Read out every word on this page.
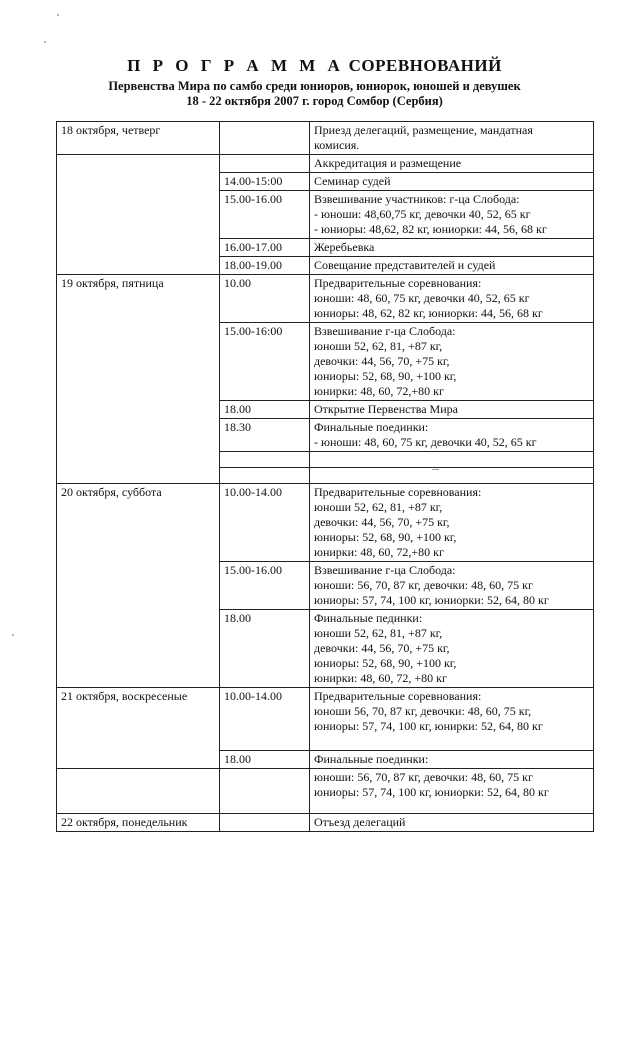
П Р О Г Р А М М А СОРЕВНОВАНИЙ
Первенства Мира по самбо среди юниоров, юниорок, юношей и девушек
18 - 22 октября 2007 г. город Сомбор (Сербия)
18 октября, четверг		Приезд делегаций, размещение, мандатная
комисия.

		Аккредитация и размещение

	14.00-15:00	Семинар судей

	15.00-16.00	Взвешивание участников: г-ца Слобода:
- юноши: 48,60,75 кг, девочки 40, 52, 65 кг
- юниоры: 48,62, 82 кг, юниорки: 44, 56, 68 кг

	16.00-17.00	Жеребьевка

	18.00-19.00	Совещание представителей и судей

19 октября, пятница	10.00	Предварительные соревнования:
юноши: 48, 60, 75 кг, девочки 40, 52, 65 кг
юниоры: 48, 62, 82 кг, юниорки: 44, 56, 68 кг

	15.00-16:00	Взвешивание г-ца Слобода:
юноши 52, 62, 81, +87 кг,
девочки: 44, 56, 70, +75 кг,
юниоры: 52, 68, 90, +100 кг,
юнирки: 48, 60, 72,+80 кг

	18.00	Открытие Первенства Мира

	18.30	Финальные поединки:
- юноши: 48, 60, 75 кг, девочки 40, 52, 65 кг

20 октября, суббота	10.00-14.00	Предварительные соревнования:
юноши 52, 62, 81, +87 кг,
девочки: 44, 56, 70, +75 кг,
юниоры: 52, 68, 90, +100 кг,
юнирки: 48, 60, 72,+80 кг

	15.00-16.00	Взвешивание г-ца Слобода:
юноши: 56, 70, 87 кг, девочки: 48, 60, 75 кг
юниоры: 57, 74, 100 кг, юниорки: 52, 64, 80 кг

	18.00	Финальные пединки:
юноши 52, 62, 81, +87 кг,
девочки: 44, 56, 70, +75 кг,
юниоры: 52, 68, 90, +100 кг,
юнирки: 48, 60, 72, +80 кг

21 октября, воскресеные	10.00-14.00	Предварительные соревнования:
юноши 56, 70, 87 кг, девочки: 48, 60, 75 кг,
юниоры: 57, 74, 100 кг, юнирки: 52, 64, 80 кг

	18.00	Финальные поединки:

		юноши: 56, 70, 87 кг, девочки: 48, 60, 75 кг
юниоры: 57, 74, 100 кг, юниорки: 52, 64, 80 кг

22 октября, понедельник		Отъезд делегаций
